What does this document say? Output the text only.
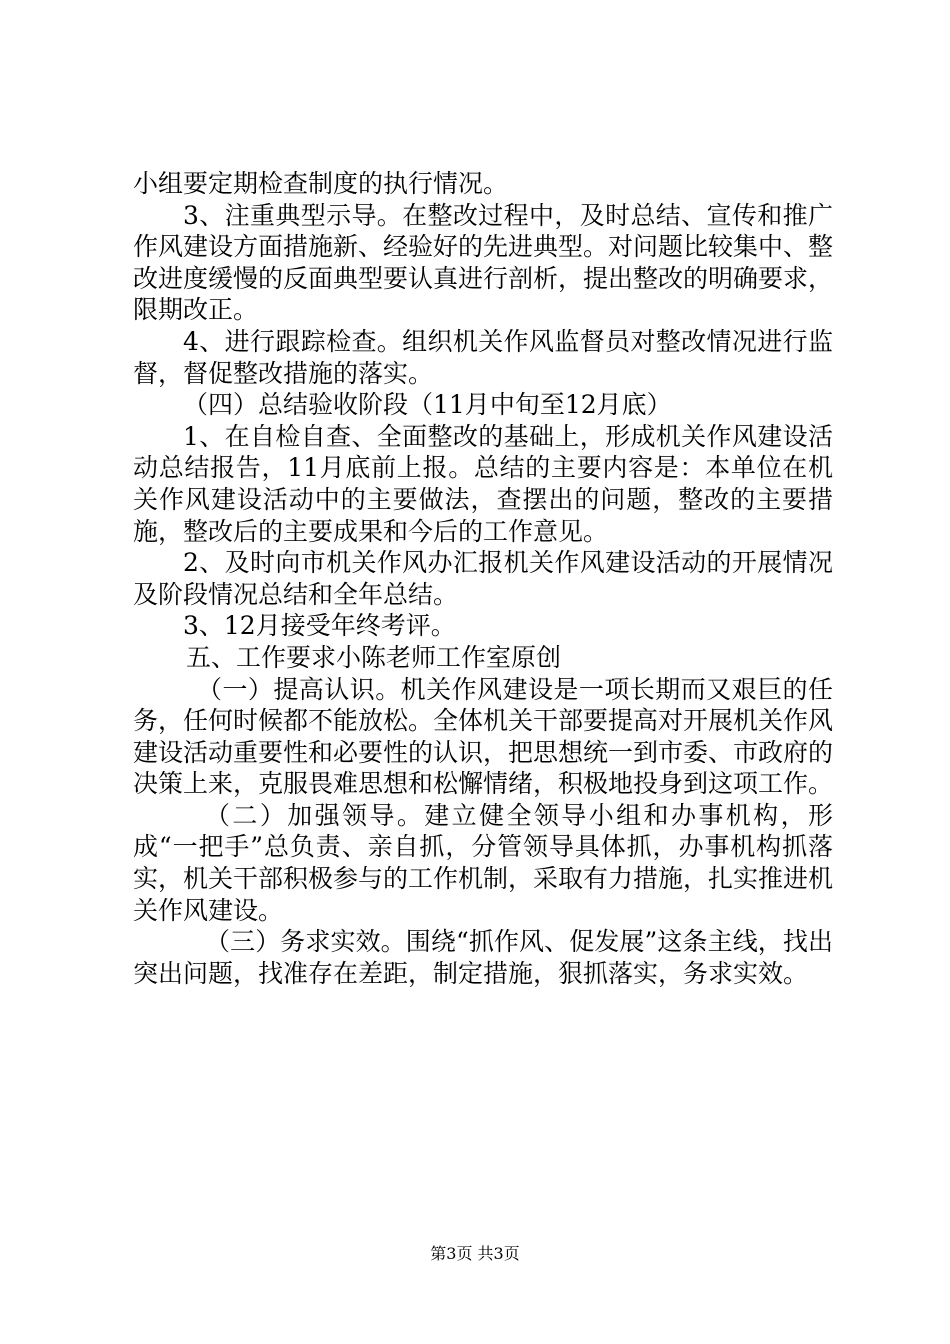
小组要定期检查制度的执行情况。

3、注重典型示导。在整改过程中，及时总结、宣传和推广作风建设方面措施新、经验好的先进典型。对问题比较集中、整改进度缓慢的反面典型要认真进行剖析，提出整改的明确要求，限期改正。

4、进行跟踪检查。组织机关作风监督员对整改情况进行监督，督促整改措施的落实。

（四）总结验收阶段（11月中旬至12月底）

1、在自检自查、全面整改的基础上，形成机关作风建设活动总结报告，11月底前上报。总结的主要内容是：本单位在机关作风建设活动中的主要做法，查摆出的问题，整改的主要措施，整改后的主要成果和今后的工作意见。

2、及时向市机关作风办汇报机关作风建设活动的开展情况及阶段情况总结和全年总结。

3、12月接受年终考评。

五、工作要求小陈老师工作室原创

（一）提高认识。机关作风建设是一项长期而又艰巨的任务，任何时候都不能放松。全体机关干部要提高对开展机关作风建设活动重要性和必要性的认识，把思想统一到市委、市政府的决策上来，克服畏难思想和松懈情绪，积极地投身到这项工作。

（二）加强领导。建立健全领导小组和办事机构，形成“一把手”总负责、亲自抓，分管领导具体抓，办事机构抓落实，机关干部积极参与的工作机制，采取有力措施，扎实推进机关作风建设。

（三）务求实效。围绕“抓作风、促发展”这条主线，找出突出问题，找准存在差距，制定措施，狠抓落实，务求实效。

第3页 共3页
